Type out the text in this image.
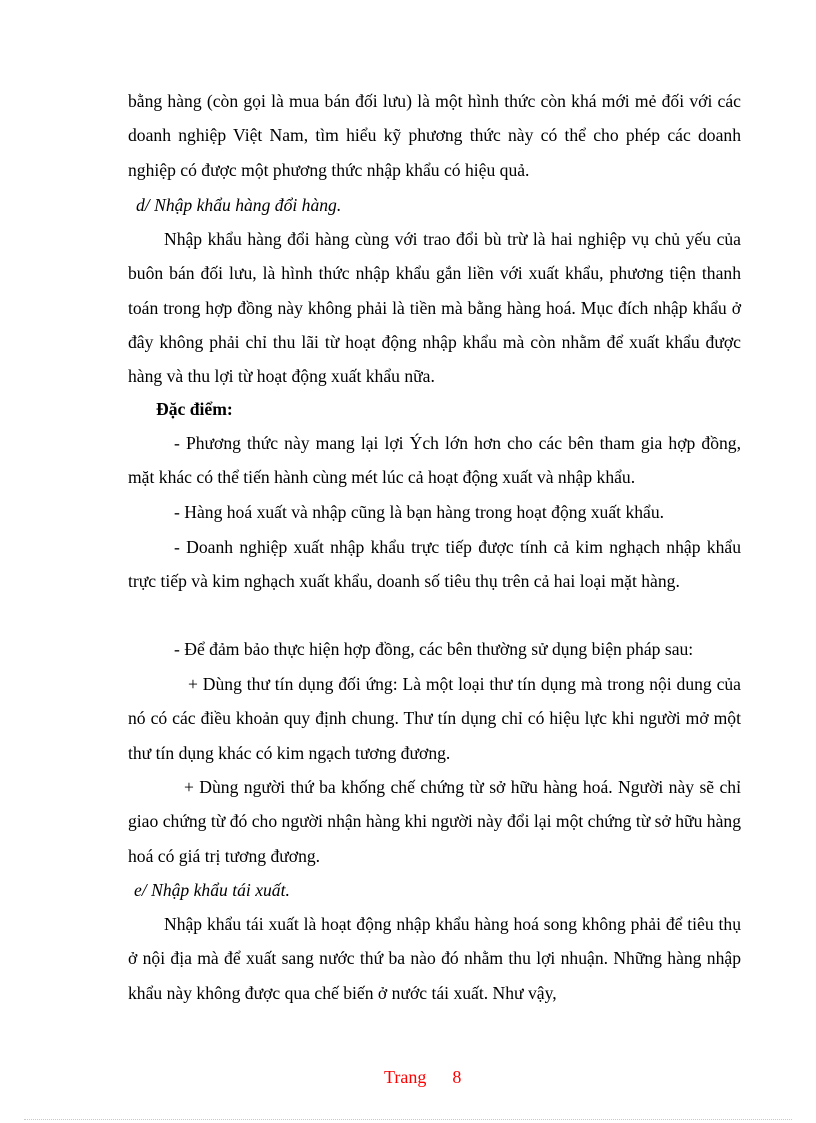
bằng hàng (còn gọi là mua bán đối lưu) là một hình thức còn khá mới mẻ đối với các doanh nghiệp Việt Nam, tìm hiểu kỹ phương thức này có thể cho phép các doanh nghiệp có được một phương thức nhập khẩu có hiệu quả.

d/ Nhập khẩu hàng đổi hàng.

Nhập khẩu hàng đổi hàng cùng với trao đổi bù trừ là hai nghiệp vụ chủ yếu của buôn bán đối lưu, là hình thức nhập khẩu gắn liền với xuất khẩu, phương tiện thanh toán trong hợp đồng này không phải là tiền mà bằng hàng hoá. Mục đích nhập khẩu ở đây không phải chỉ thu lãi từ hoạt động nhập khẩu mà còn nhằm để xuất khẩu được hàng và thu lợi từ hoạt động xuất khẩu nữa.

Đặc điểm:

- Phương thức này mang lại lợi Ých lớn hơn cho các bên tham gia hợp đồng, mặt khác có thể tiến hành cùng mét lúc cả hoạt động xuất và nhập khẩu.

- Hàng hoá xuất và nhập cũng là bạn hàng trong hoạt động xuất khẩu.

- Doanh nghiệp xuất nhập khẩu trực tiếp được tính cả kim nghạch nhập khẩu trực tiếp và kim nghạch xuất khẩu, doanh số tiêu thụ trên cả hai loại mặt hàng.

- Để đảm bảo thực hiện hợp đồng, các bên thường sử dụng biện pháp sau:

+ Dùng thư tín dụng đối ứng: Là một loại thư tín dụng mà trong nội dung của nó có các điều khoản quy định chung. Thư tín dụng chỉ có hiệu lực khi người mở một thư tín dụng khác có kim ngạch tương đương.

+ Dùng người thứ ba khống chế chứng từ sở hữu hàng hoá. Người này sẽ chỉ giao chứng từ đó cho người nhận hàng khi người này đổi lại một chứng từ sở hữu hàng hoá có giá trị tương đương.

e/ Nhập khẩu tái xuất.

Nhập khẩu tái xuất là hoạt động nhập khẩu hàng hoá song không phải để tiêu thụ ở nội địa mà để xuất sang nước thứ ba nào đó nhằm thu lợi nhuận. Những hàng nhập khẩu này không được qua chế biến ở nước tái xuất. Như vậy,

Trang 8
